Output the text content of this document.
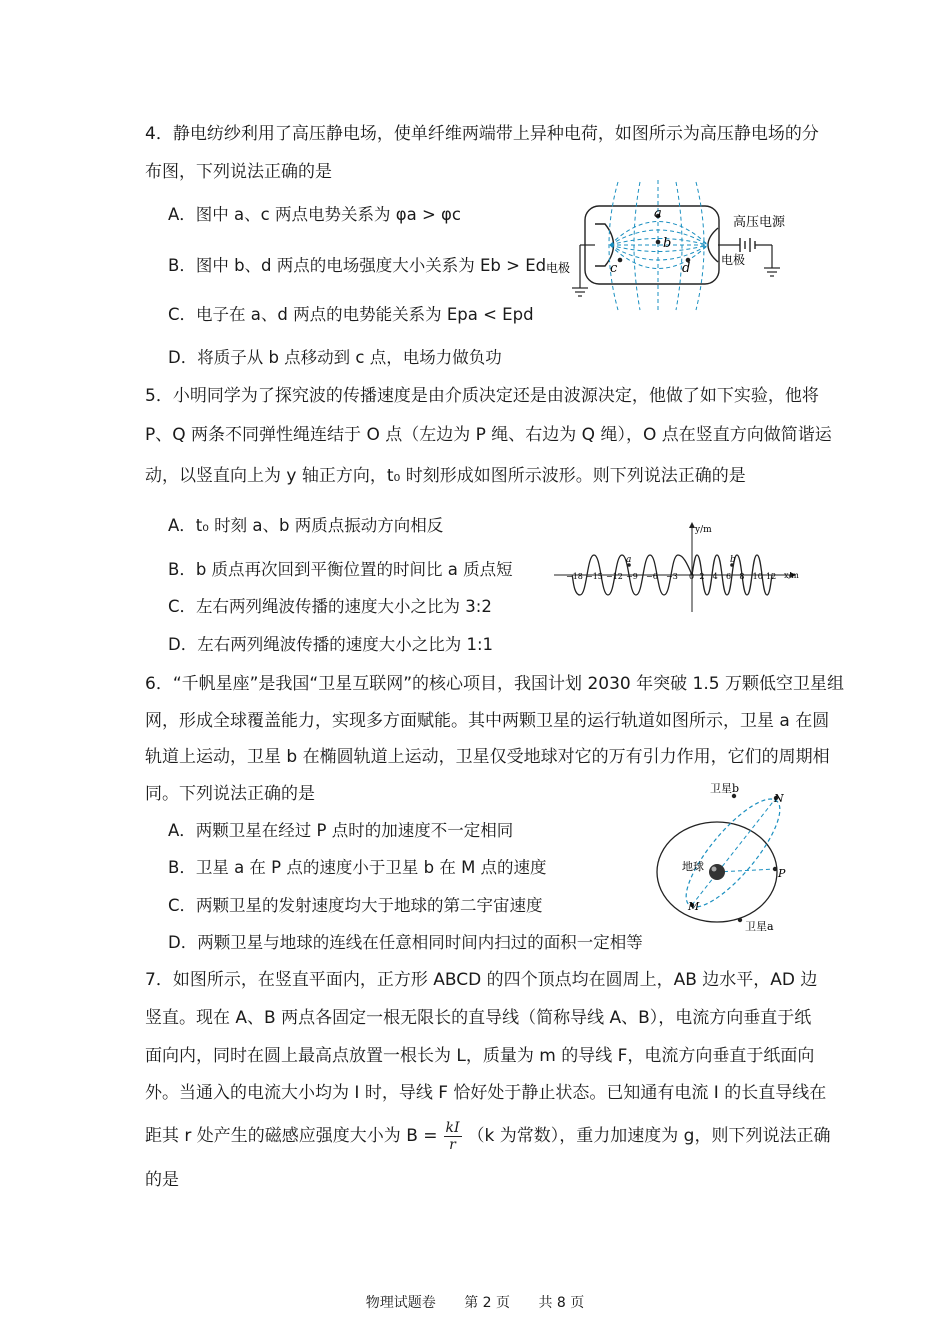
4．静电纺纱利用了高压静电场，使单纤维两端带上异种电荷，如图所示为高压静电场的分
布图，下列说法正确的是
A．图中 a、c 两点电势关系为 φa > φc
B．图中 b、d 两点的电场强度大小关系为 Eb > Ed
C．电子在 a、d 两点的电势能关系为 Epa < Epd
D．将质子从 b 点移动到 c 点，电场力做负功
a
b
c	d
高压电源
电极
电极
5．小明同学为了探究波的传播速度是由介质决定还是由波源决定，他做了如下实验，他将
P、Q 两条不同弹性绳连结于 O 点（左边为 P 绳、右边为 Q 绳），O 点在竖直方向做简谐运
动，以竖直向上为 y 轴正方向，t₀ 时刻形成如图所示波形。则下列说法正确的是
A．t₀ 时刻 a、b 两质点振动方向相反
B．b 质点再次回到平衡位置的时间比 a 质点短
C．左右两列绳波传播的速度大小之比为 3:2
D．左右两列绳波传播的速度大小之比为 1:1
a	b
y/m
x/m
−18 −15 −12 −9 −6 −3 0 2 4 6 8 10 12
6．“千帆星座”是我国“卫星互联网”的核心项目，我国计划 2030 年突破 1.5 万颗低空卫星组
网，形成全球覆盖能力，实现多方面赋能。其中两颗卫星的运行轨道如图所示，卫星 a 在圆
轨道上运动，卫星 b 在椭圆轨道上运动，卫星仅受地球对它的万有引力作用，它们的周期相
同。下列说法正确的是
A．两颗卫星在经过 P 点时的加速度不一定相同
B．卫星 a 在 P 点的速度小于卫星 b 在 M 点的速度
C．两颗卫星的发射速度均大于地球的第二宇宙速度
D．两颗卫星与地球的连线在任意相同时间内扫过的面积一定相等
卫星b
N
P
M
地球
卫星a
7．如图所示，在竖直平面内，正方形 ABCD 的四个顶点均在圆周上，AB 边水平，AD 边
竖直。现在 A、B 两点各固定一根无限长的直导线（简称导线 A、B），电流方向垂直于纸
面向内，同时在圆上最高点放置一根长为 L，质量为 m 的导线 F，电流方向垂直于纸面向
外。当通入的电流大小均为 I 时，导线 F 恰好处于静止状态。已知通有电流 I 的长直导线在
距其 r 处产生的磁感应强度大小为 $B = \frac{kI}{r} (k$ 为常数），重力加速度为 g，则下列说法正确
的是
物理试题卷 第 2 页 共 8 页
